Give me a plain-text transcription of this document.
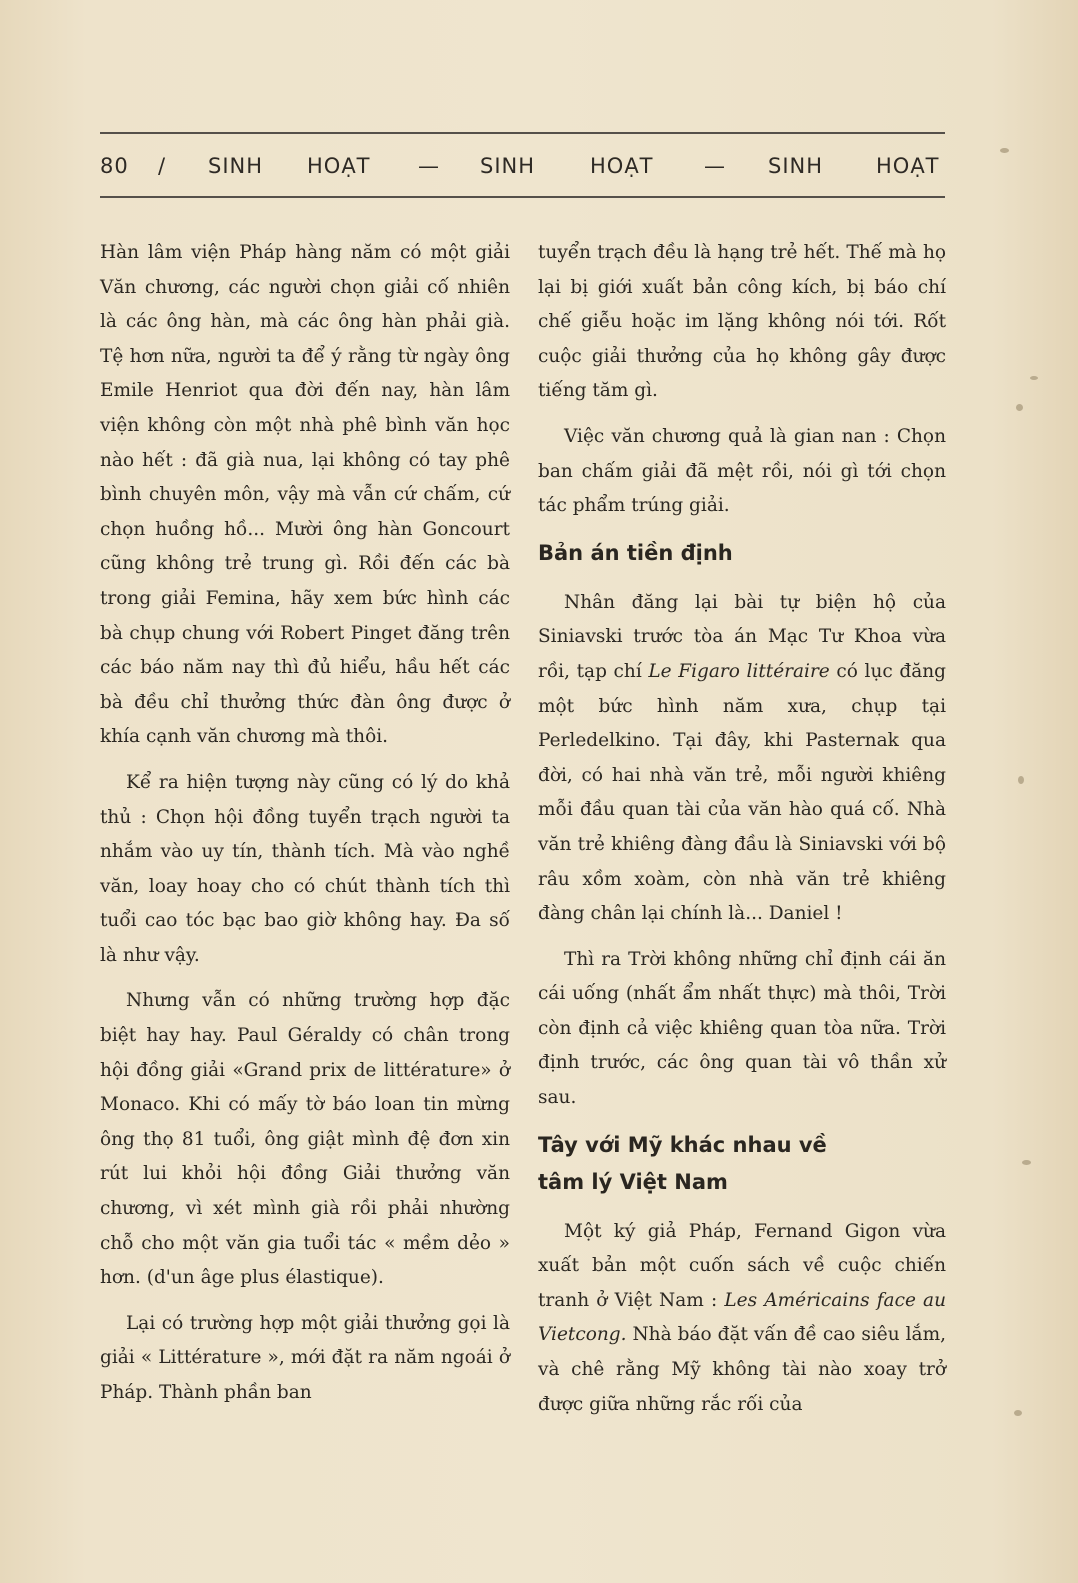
80 / SINH HOẠT — SINH	HOẠT — SINH	HOẠT

Hàn lâm viện Pháp hàng năm có một giải Văn chương, các người chọn giải cố nhiên là các ông hàn, mà các ông hàn phải già. Tệ hơn nữa, người ta để ý rằng từ ngày ông Emile Henriot qua đời đến nay, hàn lâm viện không còn một nhà phê bình văn học nào hết : đã già nua, lại không có tay phê bình chuyên môn, vậy mà vẫn cứ chấm, cứ chọn huồng hồ... Mười ông hàn Goncourt cũng không trẻ trung gì. Rồi đến các bà trong giải Femina, hãy xem bức hình các bà chụp chung với Robert Pinget đăng trên các báo năm nay thì đủ hiểu, hầu hết các bà đều chỉ thưởng thức đàn ông được ở khía cạnh văn chương mà thôi.

Kể ra hiện tượng này cũng có lý do khả thủ : Chọn hội đồng tuyển trạch người ta nhắm vào uy tín, thành tích. Mà vào nghề văn, loay hoay cho có chút thành tích thì tuổi cao tóc bạc bao giờ không hay. Đa số là như vậy.

Nhưng vẫn có những trường hợp đặc biệt hay hay. Paul Géraldy có chân trong hội đồng giải «Grand prix de littérature» ở Monaco. Khi có mấy tờ báo loan tin mừng ông thọ 81 tuổi, ông giật mình đệ đơn xin rút lui khỏi hội đồng Giải thưởng văn chương, vì xét mình già rồi phải nhường chỗ cho một văn gia tuổi tác « mềm dẻo » hơn. (d'un âge plus élastique).

Lại có trường hợp một giải thưởng gọi là giải « Littérature », mới đặt ra năm ngoái ở Pháp. Thành phần ban

tuyển trạch đều là hạng trẻ hết. Thế mà họ lại bị giới xuất bản công kích, bị báo chí chế giễu hoặc im lặng không nói tới. Rốt cuộc giải thưởng của họ không gây được tiếng tăm gì.

Việc văn chương quả là gian nan : Chọn ban chấm giải đã mệt rồi, nói gì tới chọn tác phẩm trúng giải.

Bản án tiền định

Nhân đăng lại bài tự biện hộ của Siniavski trước tòa án Mạc Tư Khoa vừa rồi, tạp chí Le Figaro littéraire có lục đăng một bức hình năm xưa, chụp tại Perledelkino. Tại đây, khi Pasternak qua đời, có hai nhà văn trẻ, mỗi người khiêng mỗi đầu quan tài của văn hào quá cố. Nhà văn trẻ khiêng đàng đầu là Siniavski với bộ râu xồm xoàm, còn nhà văn trẻ khiêng đàng chân lại chính là... Daniel !

Thì ra Trời không những chỉ định cái ăn cái uống (nhất ẩm nhất thực) mà thôi, Trời còn định cả việc khiêng quan tòa nữa. Trời định trước, các ông quan tài vô thần xử sau.

Tây với Mỹ khác nhau về
tâm lý Việt Nam

Một ký giả Pháp, Fernand Gigon vừa xuất bản một cuốn sách về cuộc chiến tranh ở Việt Nam : Les Américains face au Vietcong. Nhà báo đặt vấn đề cao siêu lắm, và chê rằng Mỹ không tài nào xoay trở được giữa những rắc rối của
